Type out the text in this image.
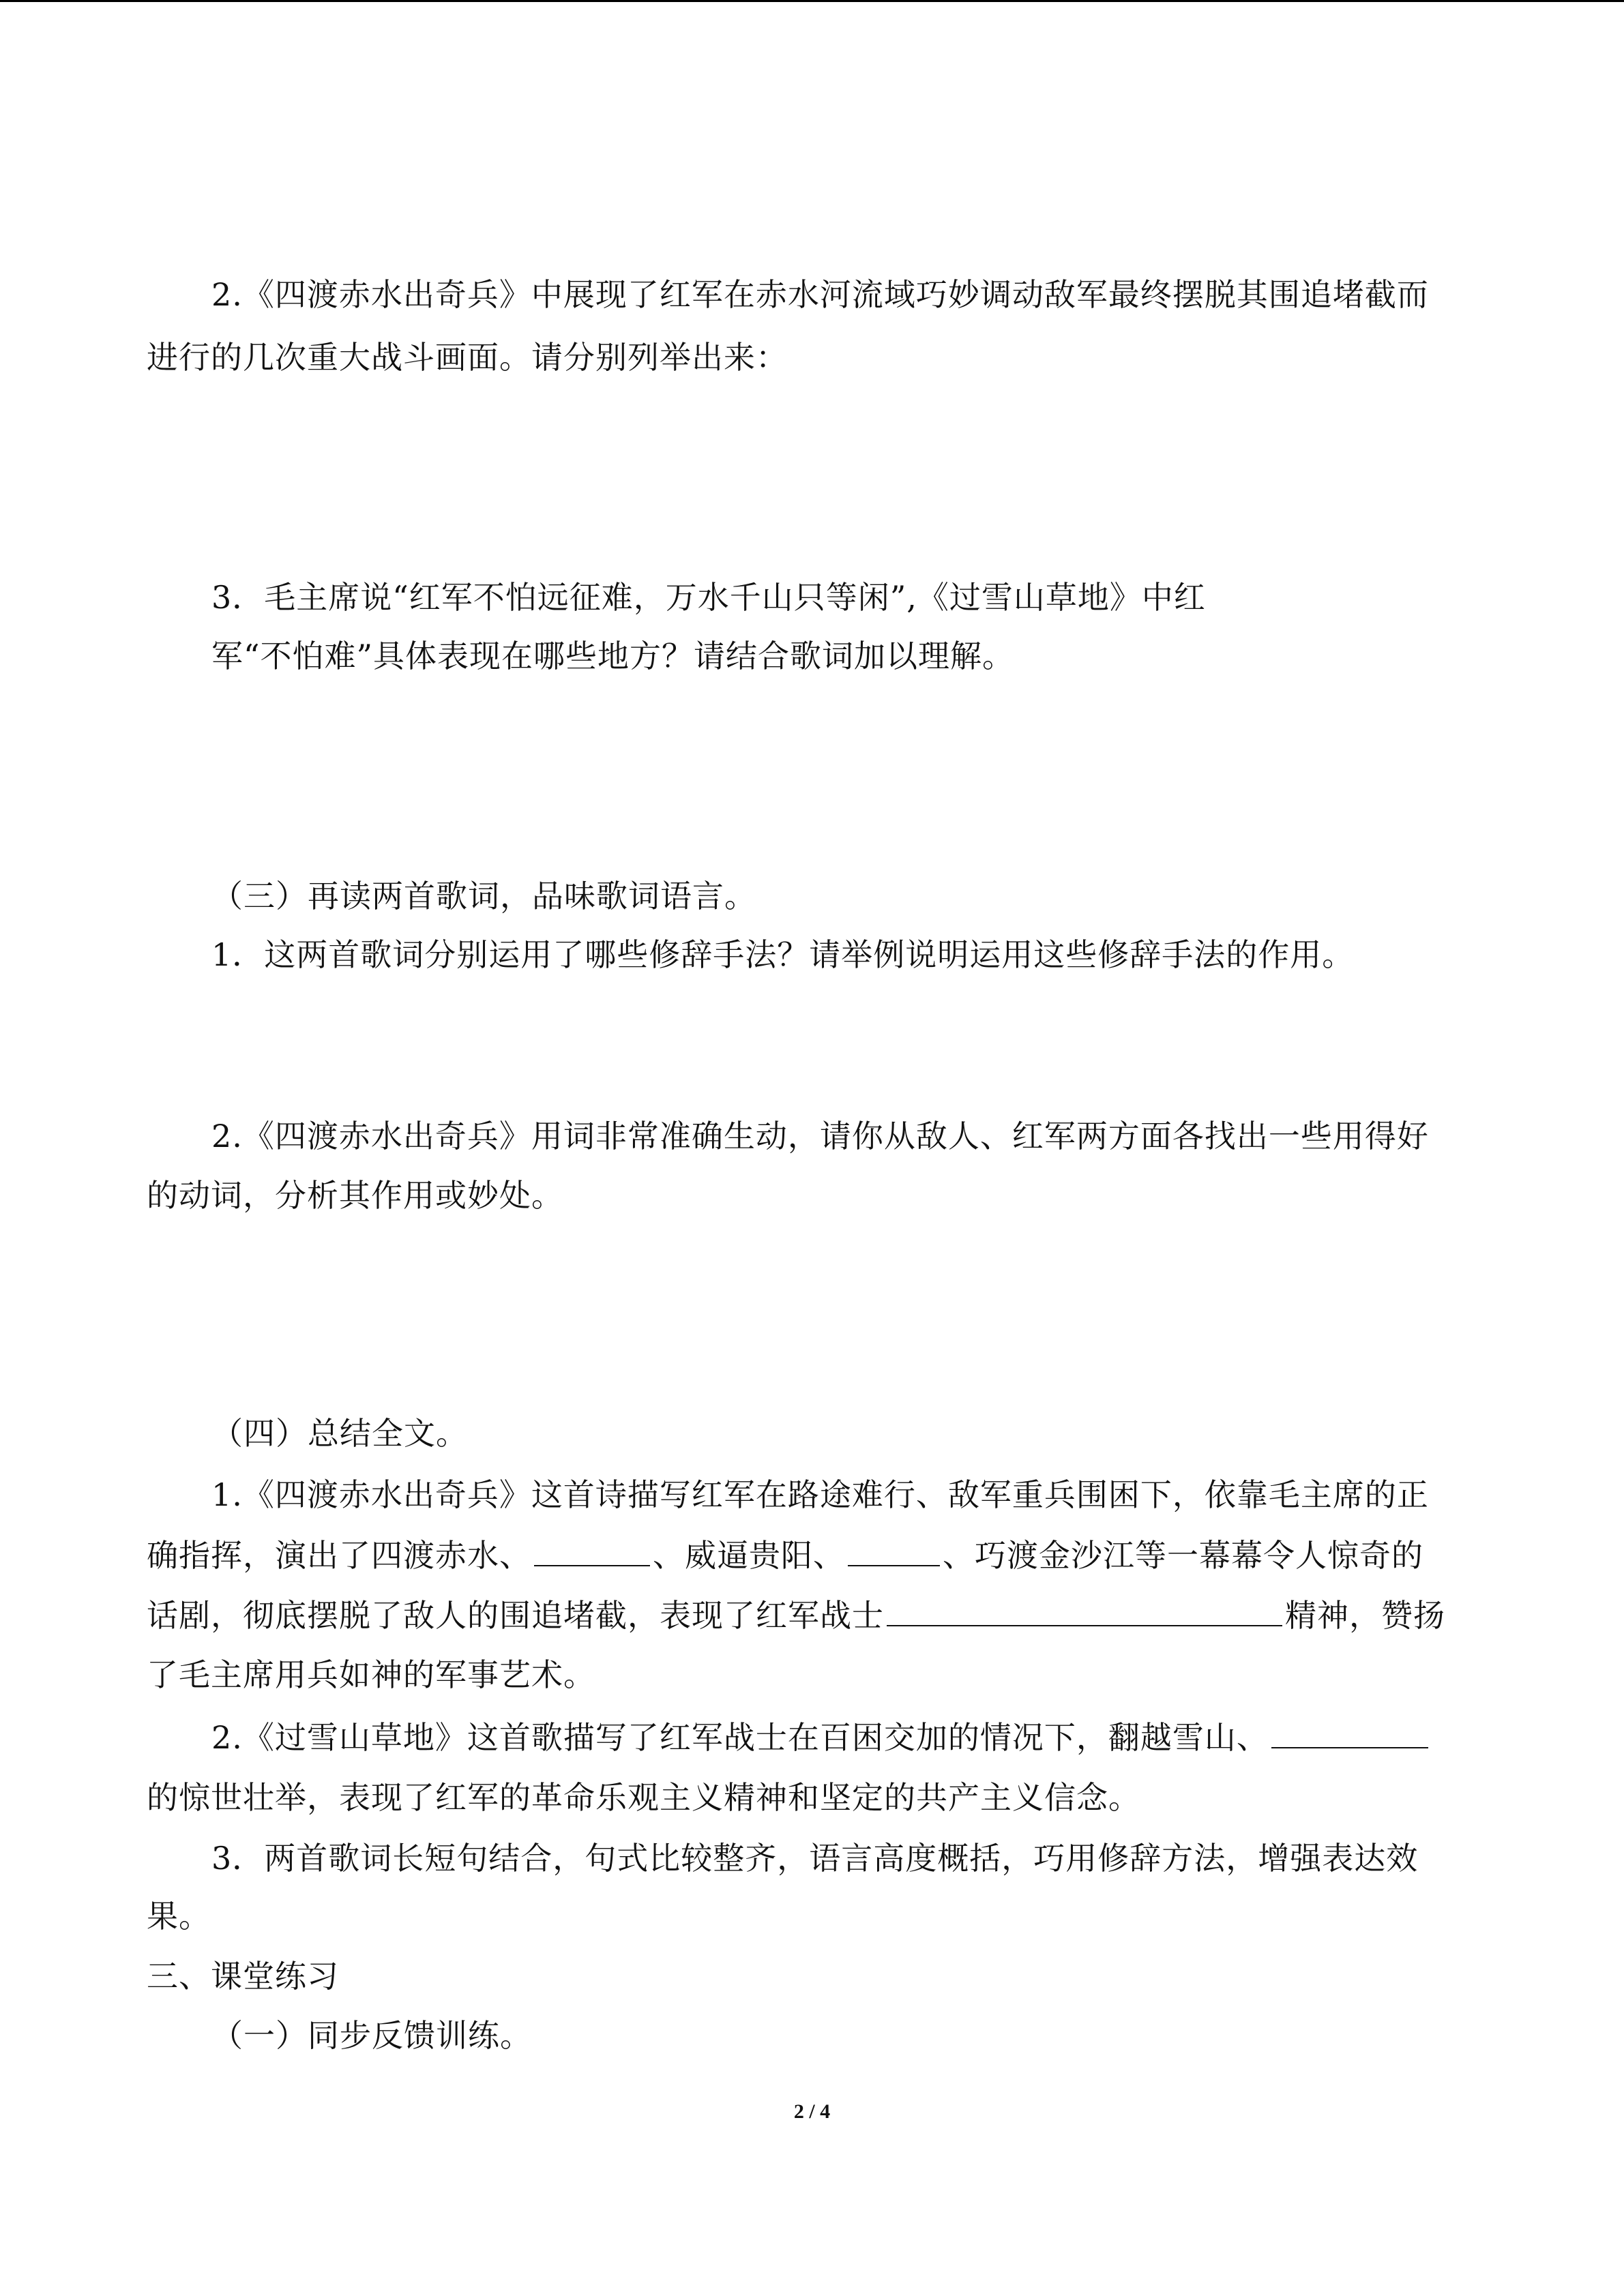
2.《四渡赤水出奇兵》中展现了红军在赤水河流域巧妙调动敌军最终摆脱其围追堵截而
进行的几次重大战斗画面。请分别列举出来：
3．毛主席说“红军不怕远征难，万水千山只等闲”,《过雪山草地》中红
军“不怕难”具体表现在哪些地方？请结合歌词加以理解。
（三）再读两首歌词，品味歌词语言。
1．这两首歌词分别运用了哪些修辞手法？请举例说明运用这些修辞手法的作用。
2.《四渡赤水出奇兵》用词非常准确生动，请你从敌人、红军两方面各找出一些用得好
的动词，分析其作用或妙处。
（四）总结全文。
1.《四渡赤水出奇兵》这首诗描写红军在路途难行、敌军重兵围困下，依靠毛主席的正
确指挥，演出了四渡赤水、	、威逼贵阳、	、巧渡金沙江等一幕幕令人惊奇的
话剧，彻底摆脱了敌人的围追堵截，表现了红军战士	精神，赞扬
了毛主席用兵如神的军事艺术。
2.《过雪山草地》这首歌描写了红军战士在百困交加的情况下，翻越雪山、
的惊世壮举，表现了红军的革命乐观主义精神和坚定的共产主义信念。
3．两首歌词长短句结合，句式比较整齐，语言高度概括，巧用修辞方法，增强表达效
果。
三、课堂练习
（一）同步反馈训练。
2 / 4
